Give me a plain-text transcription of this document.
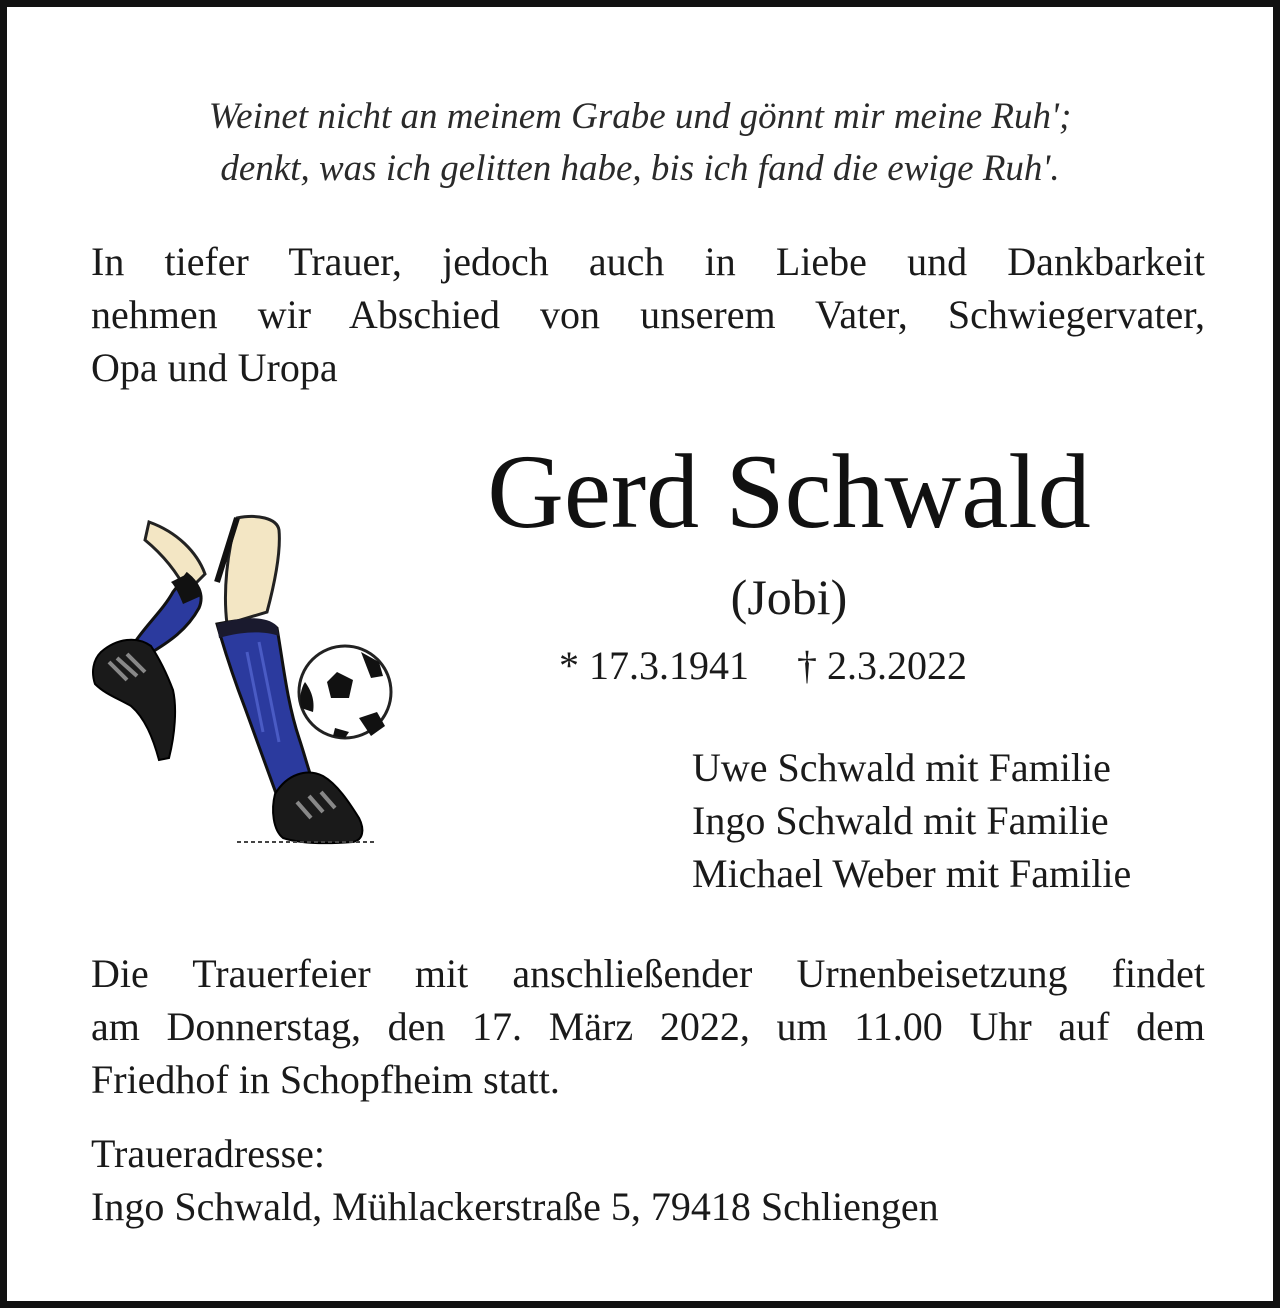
Weinet nicht an meinem Grabe und gönnt mir meine Ruh';
denkt, was ich gelitten habe, bis ich fand die ewige Ruh'.
In tiefer Trauer, jedoch auch in Liebe und Dankbarkeit
nehmen wir Abschied von unserem Vater, Schwiegervater,
Opa und Uropa
Gerd Schwald
(Jobi)
* 17.3.1941 † 2.3.2022
Uwe Schwald mit Familie
Ingo Schwald mit Familie
Michael Weber mit Familie
Die Trauerfeier mit anschließender Urnenbeisetzung findet
am Donnerstag, den 17. März 2022, um 11.00 Uhr auf dem
Friedhof in Schopfheim statt.
Traueradresse:
Ingo Schwald, Mühlackerstraße 5, 79418 Schliengen
